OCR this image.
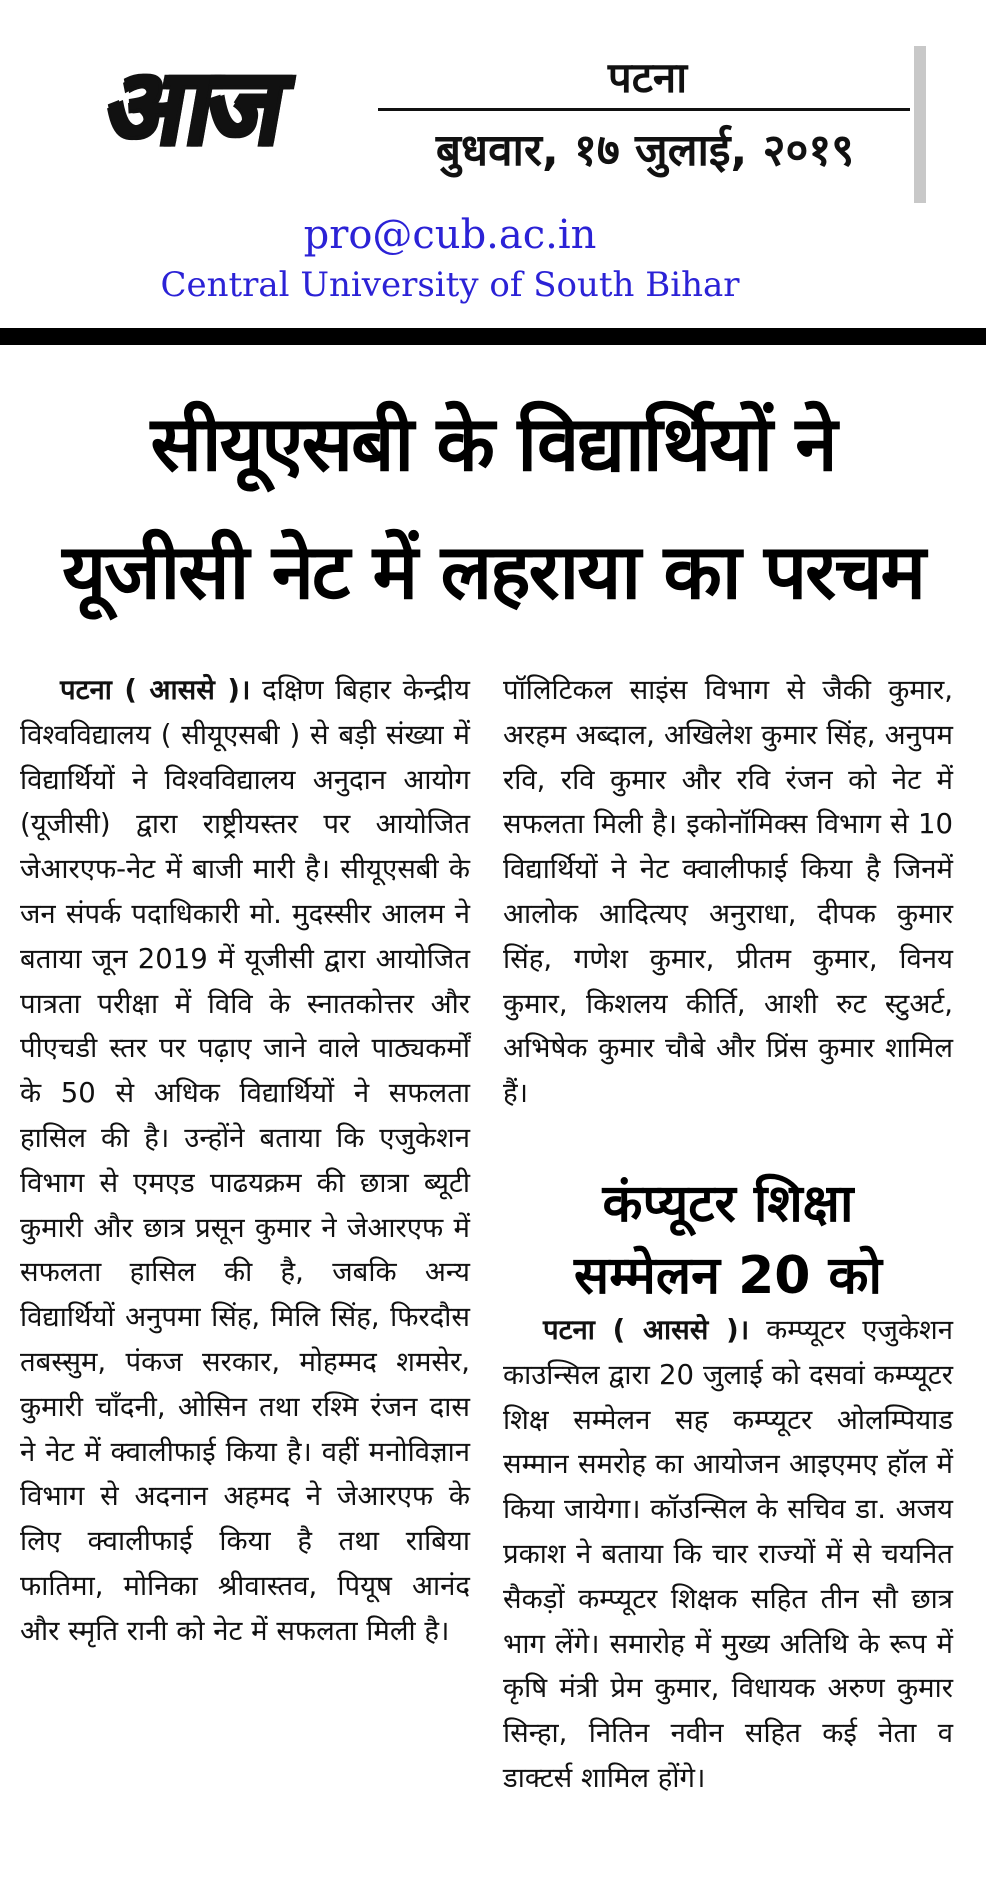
आज	पटना
बुधवार, १७ जुलाई, २०१९
pro@cub.ac.in
Central University of South Bihar
सीयूएसबी के विद्यार्थियों ने
यूजीसी नेट में लहराया का परचम
पटना ( आससे )। दक्षिण बिहार केन्द्रीय विश्वविद्यालय ( सीयूएसबी ) से बड़ी संख्या में विद्यार्थियों ने विश्वविद्यालय अनुदान आयोग (यूजीसी) द्वारा राष्ट्रीयस्तर पर आयोजित जेआरएफ-नेट में बाजी मारी है। सीयूएसबी के जन संपर्क पदाधिकारी मो. मुदस्सीर आलम ने बताया जून 2019 में यूजीसी द्वारा आयोजित पात्रता परीक्षा में विवि के स्नातकोत्तर और पीएचडी स्तर पर पढ़ाए जाने वाले पाठ्यकर्मों के 50 से अधिक विद्यार्थियों ने सफलता हासिल की है। उन्होंने बताया कि एजुकेशन विभाग से एमएड पाढयक्रम की छात्रा ब्यूटी कुमारी और छात्र प्रसून कुमार ने जेआरएफ में सफलता हासिल की है, जबकि अन्य विद्यार्थियों अनुपमा सिंह, मिलि सिंह, फिरदौस तबस्सुम, पंकज सरकार, मोहम्मद शमसेर, कुमारी चाँदनी, ओसिन तथा रश्मि रंजन दास ने नेट में क्वालीफाई किया है। वहीं मनोविज्ञान विभाग से अदनान अहमद ने जेआरएफ के लिए क्वालीफाई किया है तथा राबिया फातिमा, मोनिका श्रीवास्तव, पियूष आनंद और स्मृति रानी को नेट में सफलता मिली है।
पॉलिटिकल साइंस विभाग से जैकी कुमार, अरहम अब्दाल, अखिलेश कुमार सिंह, अनुपम रवि, रवि कुमार और रवि रंजन को नेट में सफलता मिली है। इकोनॉमिक्स विभाग से 10 विद्यार्थियों ने नेट क्वालीफाई किया है जिनमें आलोक आदित्यए अनुराधा, दीपक कुमार सिंह, गणेश कुमार, प्रीतम कुमार, विनय कुमार, किशलय कीर्ति, आशी रुट स्टुअर्ट, अभिषेक कुमार चौबे और प्रिंस कुमार शामिल हैं।
कंप्यूटर शिक्षा
सम्मेलन 20 को
पटना ( आससे )। कम्प्यूटर एजुकेशन काउन्सिल द्वारा 20 जुलाई को दसवां कम्प्यूटर शिक्ष सम्मेलन सह कम्प्यूटर ओलम्पियाड सम्मान समरोह का आयोजन आइएमए हॉल में किया जायेगा। कॉउन्सिल के सचिव डा. अजय प्रकाश ने बताया कि चार राज्यों में से चयनित सैकड़ों कम्प्यूटर शिक्षक सहित तीन सौ छात्र भाग लेंगे। समारोह में मुख्य अतिथि के रूप में कृषि मंत्री प्रेम कुमार, विधायक अरुण कुमार सिन्हा, नितिन नवीन सहित कई नेता व डाक्टर्स शामिल होंगे।
